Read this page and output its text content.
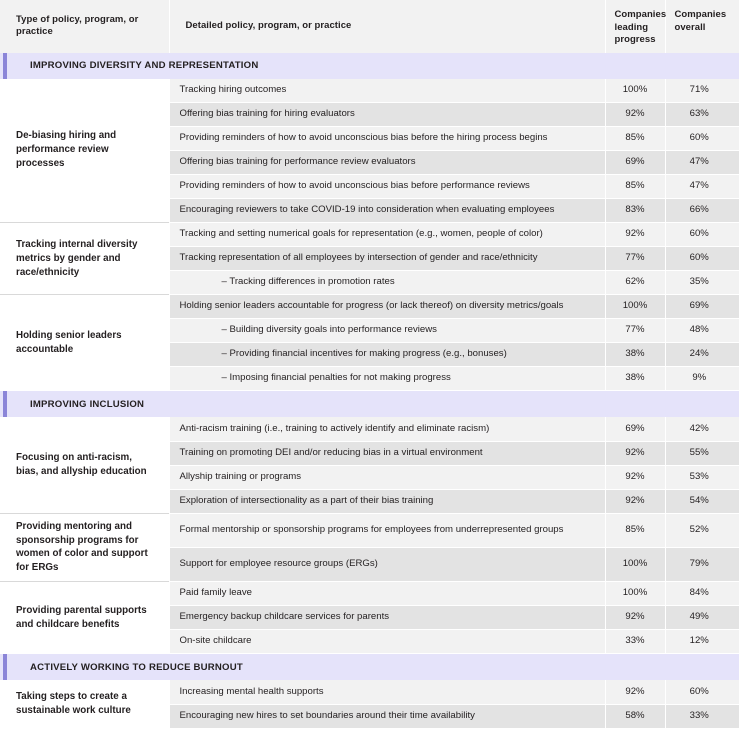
Type of policy, program, or practice	Detailed policy, program, or practice	Companies
leading
progress	Companies
overall

IMPROVING DIVERSITY AND REPRESENTATION			

De-biasing hiring and performance review processes	Tracking hiring outcomes	100%	71%
	Offering bias training for hiring evaluators	92%	63%
	Providing reminders of how to avoid unconscious bias before the hiring process begins	85%	60%
	Offering bias training for performance review evaluators	69%	47%
	Providing reminders of how to avoid unconscious bias before performance reviews	85%	47%
	Encouraging reviewers to take COVID-19 into consideration when evaluating employees	83%	66%
Tracking internal diversity metrics by gender and race/ethnicity	Tracking and setting numerical goals for representation (e.g., women, people of color)	92%	60%
	Tracking representation of all employees by intersection of gender and race/ethnicity	77%	60%
	– Tracking differences in promotion rates	62%	35%
Holding senior leaders accountable	Holding senior leaders accountable for progress (or lack thereof) on diversity metrics/goals	100%	69%
	– Building diversity goals into performance reviews	77%	48%
	– Providing financial incentives for making progress (e.g., bonuses)	38%	24%
	– Imposing financial penalties for not making progress	38%	9%

IMPROVING INCLUSION			

Focusing on anti-racism, bias, and allyship education	Anti-racism training (i.e., training to actively identify and eliminate racism)	69%	42%
	Training on promoting DEI and/or reducing bias in a virtual environment	92%	55%
	Allyship training or programs	92%	53%
	Exploration of intersectionality as a part of their bias training	92%	54%
Providing mentoring and sponsorship programs for women of color and support for ERGs	Formal mentorship or sponsorship programs for employees from underrepresented groups	85%	52%
	Support for employee resource groups (ERGs)	100%	79%
Providing parental supports and childcare benefits	Paid family leave	100%	84%
	Emergency backup childcare services for parents	92%	49%
	On-site childcare	33%	12%

ACTIVELY WORKING TO REDUCE BURNOUT			

Taking steps to create a sustainable work culture	Increasing mental health supports	92%	60%
	Encouraging new hires to set boundaries around their time availability	58%	33%
